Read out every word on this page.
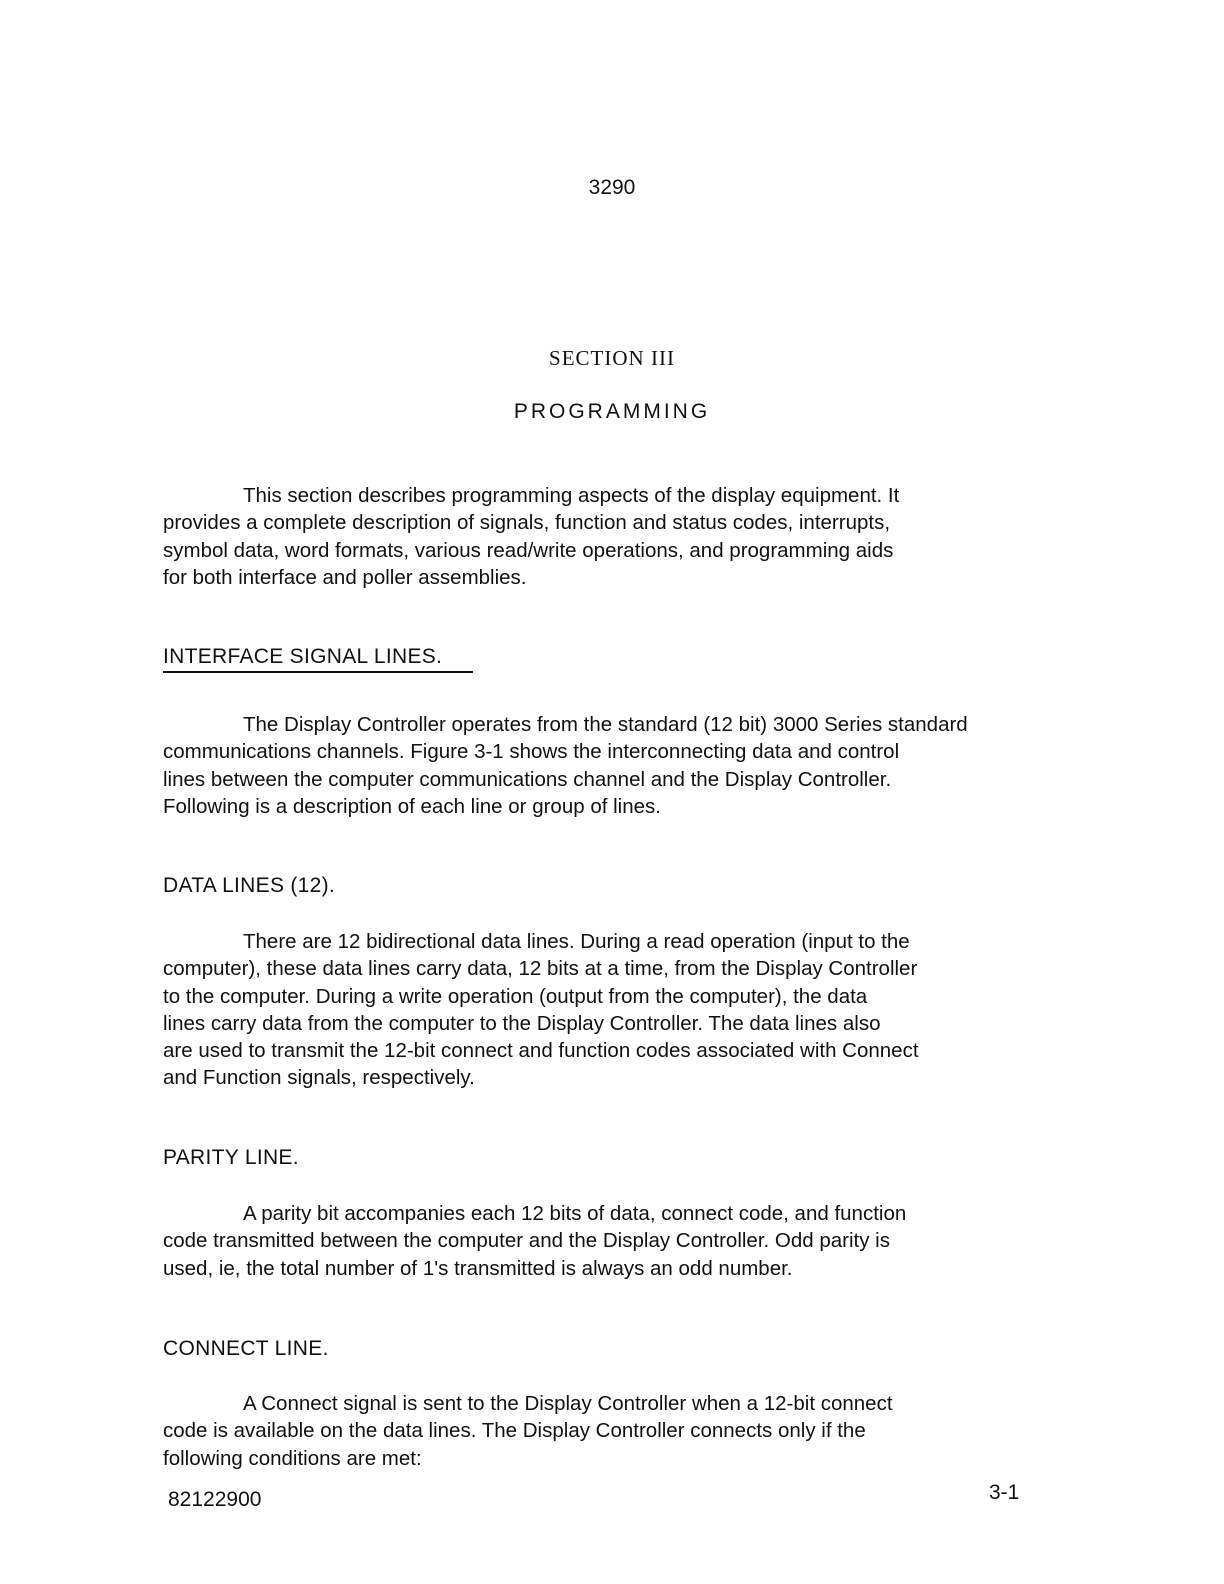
3290
SECTION III
PROGRAMMING
This section describes programming aspects of the display equipment. It
provides a complete description of signals, function and status codes, interrupts,
symbol data, word formats, various read/write operations, and programming aids
for both interface and poller assemblies.
INTERFACE SIGNAL LINES.
The Display Controller operates from the standard (12 bit) 3000 Series standard
communications channels. Figure 3-1 shows the interconnecting data and control
lines between the computer communications channel and the Display Controller.
Following is a description of each line or group of lines.
DATA LINES (12).
There are 12 bidirectional data lines. During a read operation (input to the
computer), these data lines carry data, 12 bits at a time, from the Display Controller
to the computer. During a write operation (output from the computer), the data
lines carry data from the computer to the Display Controller. The data lines also
are used to transmit the 12-bit connect and function codes associated with Connect
and Function signals, respectively.
PARITY LINE.
A parity bit accompanies each 12 bits of data, connect code, and function
code transmitted between the computer and the Display Controller. Odd parity is
used, ie, the total number of 1's transmitted is always an odd number.
CONNECT LINE.
A Connect signal is sent to the Display Controller when a 12-bit connect
code is available on the data lines. The Display Controller connects only if the
following conditions are met:
82122900	3-1
